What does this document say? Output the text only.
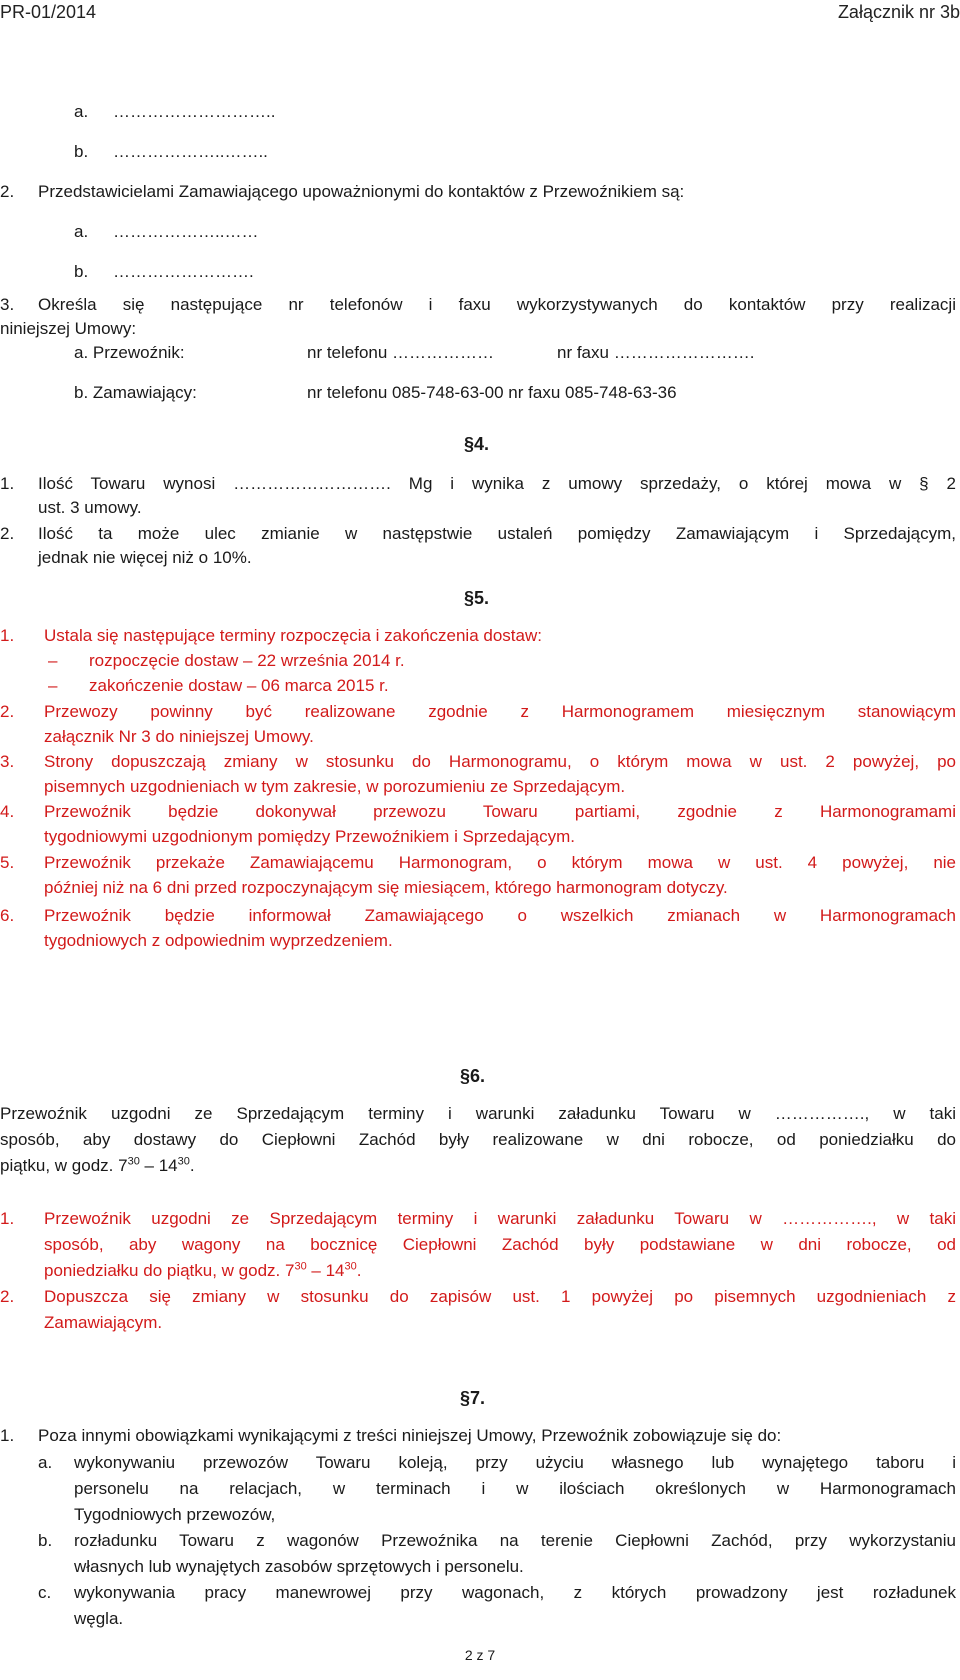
PR-01/2014	Załącznik nr 3b
a. ………………………..
b. ………………..……..
2. Przedstawicielami Zamawiającego upoważnionymi do kontaktów z Przewoźnikiem są:
a. ………………..……
b. …………………….
3. Określa się następujące nr telefonów i faxu wykorzystywanych do kontaktów przy realizacji
niniejszej Umowy:
a. Przewoźnik:	nr telefonu ………………	nr faxu …………………….
b. Zamawiający:	nr telefonu 085-748-63-00 nr faxu 085-748-63-36
§4.
1. Ilość Towaru wynosi ………………………. Mg i wynika z umowy sprzedaży, o której mowa w § 2
ust. 3 umowy.
2. Ilość ta może ulec zmianie w następstwie ustaleń pomiędzy Zamawiającym i Sprzedającym,
jednak nie więcej niż o 10%.
§5.
1. Ustala się następujące terminy rozpoczęcia i zakończenia dostaw:
– rozpoczęcie dostaw – 22 września 2014 r.
– zakończenie dostaw – 06 marca 2015 r.
2. Przewozy powinny być realizowane zgodnie z Harmonogramem miesięcznym stanowiącym
załącznik Nr 3 do niniejszej Umowy.
3. Strony dopuszczają zmiany w stosunku do Harmonogramu, o którym mowa w ust. 2 powyżej, po
pisemnych uzgodnieniach w tym zakresie, w porozumieniu ze Sprzedającym.
4. Przewoźnik będzie dokonywał przewozu Towaru partiami, zgodnie z Harmonogramami
tygodniowymi uzgodnionym pomiędzy Przewoźnikiem i Sprzedającym.
5. Przewoźnik przekaże Zamawiającemu Harmonogram, o którym mowa w ust. 4 powyżej, nie
później niż na 6 dni przed rozpoczynającym się miesiącem, którego harmonogram dotyczy.
6. Przewoźnik będzie informował Zamawiającego o wszelkich zmianach w Harmonogramach
tygodniowych z odpowiednim wyprzedzeniem.
§6.
Przewoźnik uzgodni ze Sprzedającym terminy i warunki załadunku Towaru w ……………., w taki
sposób, aby dostawy do Ciepłowni Zachód były realizowane w dni robocze, od poniedziałku do
piątku, w godz. $7^{30} - 14^{30}$.
1. Przewoźnik uzgodni ze Sprzedającym terminy i warunki załadunku Towaru w ……………., w taki
sposób, aby wagony na bocznicę Ciepłowni Zachód były podstawiane w dni robocze, od
poniedziałku do piątku, w godz. $7^{30} - 14^{30}$.
2. Dopuszcza się zmiany w stosunku do zapisów ust. 1 powyżej po pisemnych uzgodnieniach z
Zamawiającym.
§7.
1. Poza innymi obowiązkami wynikającymi z treści niniejszej Umowy, Przewoźnik zobowiązuje się do:
a. wykonywaniu przewozów Towaru koleją, przy użyciu własnego lub wynajętego taboru i
personelu na relacjach, w terminach i w ilościach określonych w Harmonogramach
Tygodniowych przewozów,
b. rozładunku Towaru z wagonów Przewoźnika na terenie Ciepłowni Zachód, przy wykorzystaniu
własnych lub wynajętych zasobów sprzętowych i personelu.
c. wykonywania pracy manewrowej przy wagonach, z których prowadzony jest rozładunek
węgla.
2 z 7
